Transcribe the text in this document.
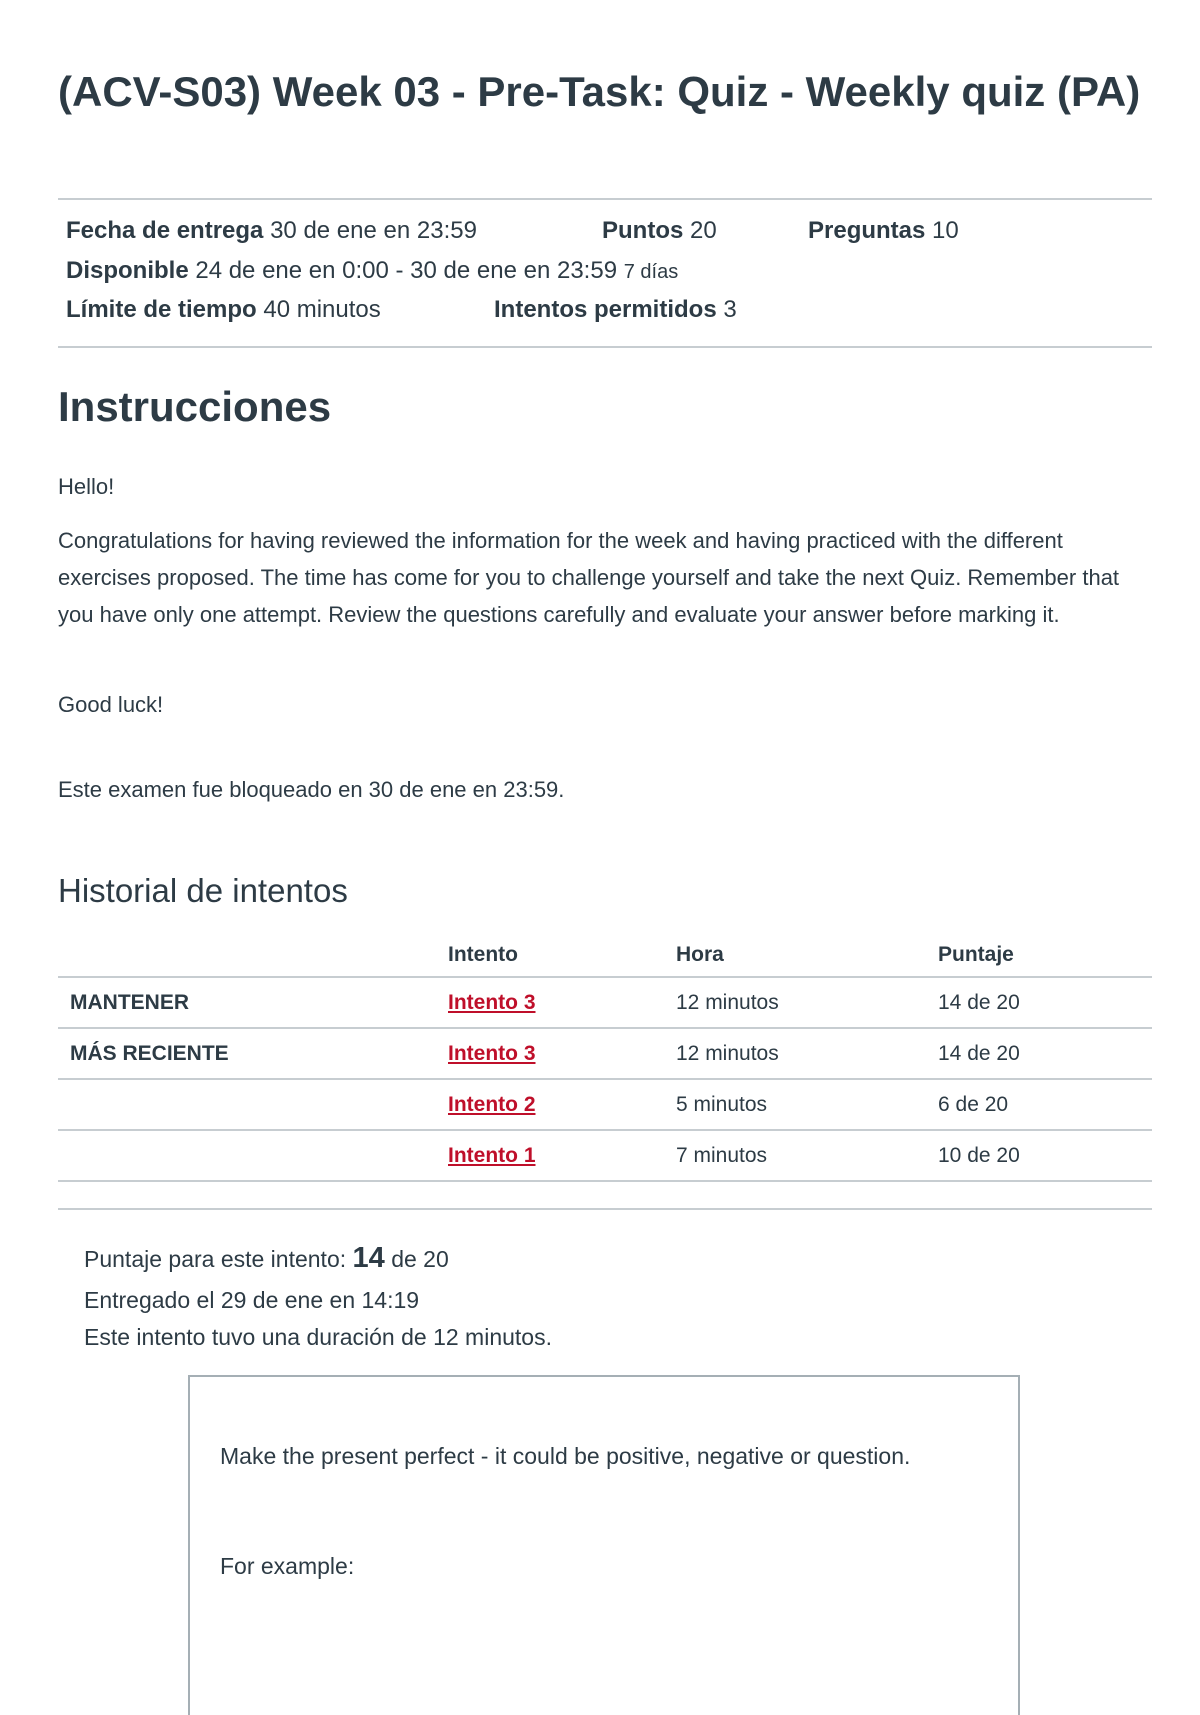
(ACV-S03) Week 03 - Pre-Task: Quiz - Weekly quiz (PA)
Fecha de entrega 30 de ene en 23:59	Puntos 20	Preguntas 10
Disponible 24 de ene en 0:00 - 30 de ene en 23:59 7 días
Límite de tiempo 40 minutos	Intentos permitidos 3
Instrucciones

Hello!

Congratulations for having reviewed the information for the week and having practiced with the different exercises proposed. The time has come for you to challenge yourself and take the next Quiz. Remember that you have only one attempt. Review the questions carefully and evaluate your answer before marking it.

Good luck!

Este examen fue bloqueado en 30 de ene en 23:59.

Historial de intentos
	Intento	Hora	Puntaje
MANTENER	Intento 3	12 minutos	14 de 20
MÁS RECIENTE	Intento 3	12 minutos	14 de 20
	Intento 2	5 minutos	6 de 20
	Intento 1	7 minutos	10 de 20
Puntaje para este intento: 14 de 20
Entregado el 29 de ene en 14:19
Este intento tuvo una duración de 12 minutos.
Make the present perfect - it could be positive, negative or question.
For example:
